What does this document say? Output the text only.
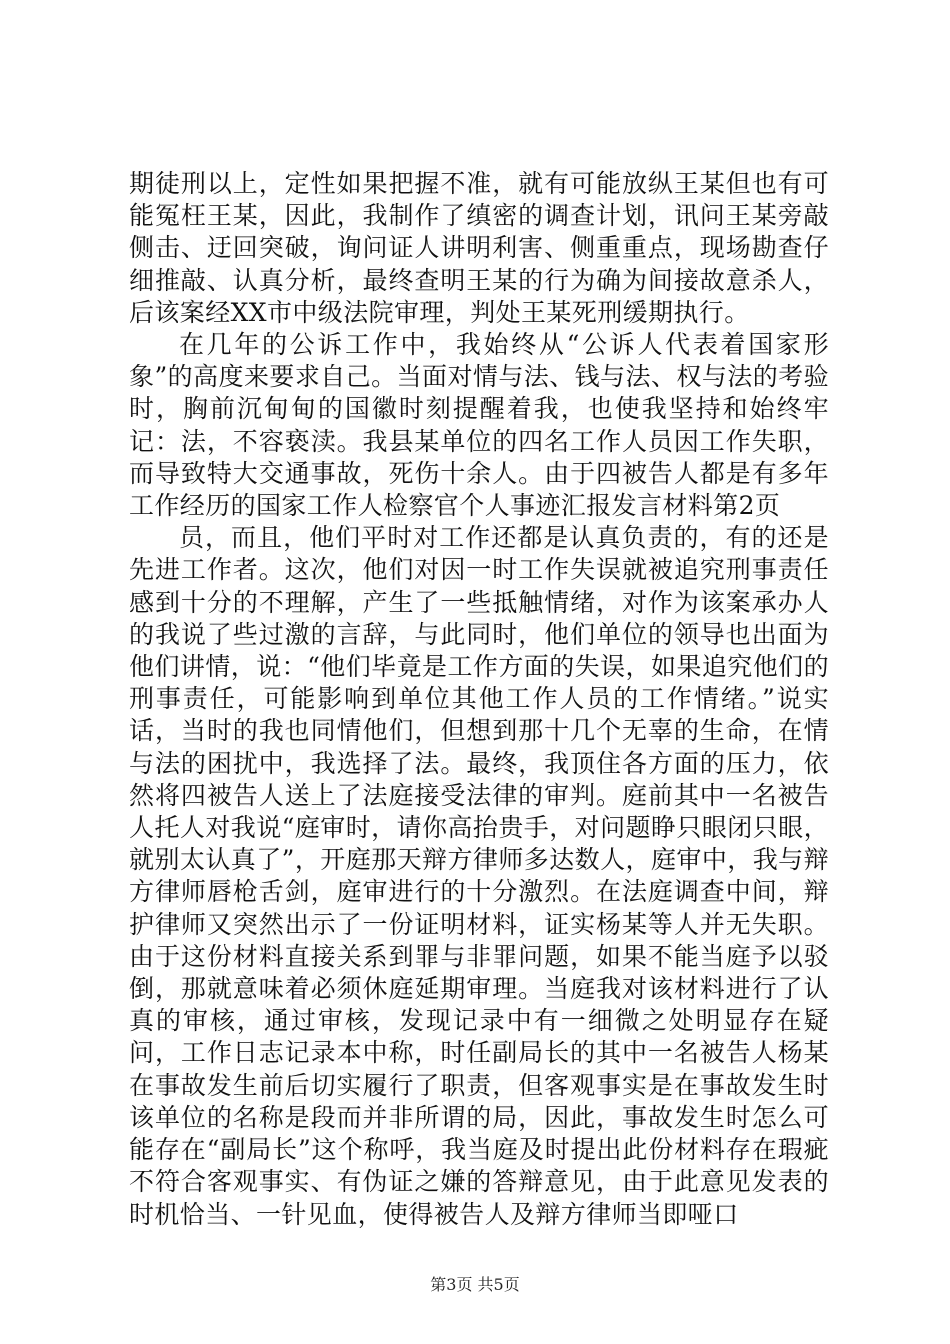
期徒刑以上，定性如果把握不准，就有可能放纵王某但也有可能冤枉王某，因此，我制作了缜密的调查计划，讯问王某旁敲侧击、迂回突破，询问证人讲明利害、侧重重点，现场勘查仔细推敲、认真分析，最终查明王某的行为确为间接故意杀人，后该案经XX市中级法院审理，判处王某死刑缓期执行。

在几年的公诉工作中，我始终从“公诉人代表着国家形象”的高度来要求自己。当面对情与法、钱与法、权与法的考验时，胸前沉甸甸的国徽时刻提醒着我，也使我坚持和始终牢记：法，不容亵渎。我县某单位的四名工作人员因工作失职，而导致特大交通事故，死伤十余人。由于四被告人都是有多年工作经历的国家工作人检察官个人事迹汇报发言材料第2页

员，而且，他们平时对工作还都是认真负责的，有的还是先进工作者。这次，他们对因一时工作失误就被追究刑事责任感到十分的不理解，产生了一些抵触情绪，对作为该案承办人的我说了些过激的言辞，与此同时，他们单位的领导也出面为他们讲情，说：“他们毕竟是工作方面的失误，如果追究他们的刑事责任，可能影响到单位其他工作人员的工作情绪。”说实话，当时的我也同情他们，但想到那十几个无辜的生命，在情与法的困扰中，我选择了法。最终，我顶住各方面的压力，依然将四被告人送上了法庭接受法律的审判。庭前其中一名被告人托人对我说“庭审时，请你高抬贵手，对问题睁只眼闭只眼，就别太认真了”，开庭那天辩方律师多达数人，庭审中，我与辩方律师唇枪舌剑，庭审进行的十分激烈。在法庭调查中间，辩护律师又突然出示了一份证明材料，证实杨某等人并无失职。由于这份材料直接关系到罪与非罪问题，如果不能当庭予以驳倒，那就意味着必须休庭延期审理。当庭我对该材料进行了认真的审核，通过审核，发现记录中有一细微之处明显存在疑问，工作日志记录本中称，时任副局长的其中一名被告人杨某在事故发生前后切实履行了职责，但客观事实是在事故发生时该单位的名称是段而并非所谓的局，因此，事故发生时怎么可能存在“副局长”这个称呼，我当庭及时提出此份材料存在瑕疵不符合客观事实、有伪证之嫌的答辩意见，由于此意见发表的时机恰当、一针见血，使得被告人及辩方律师当即哑口

第3页 共5页
